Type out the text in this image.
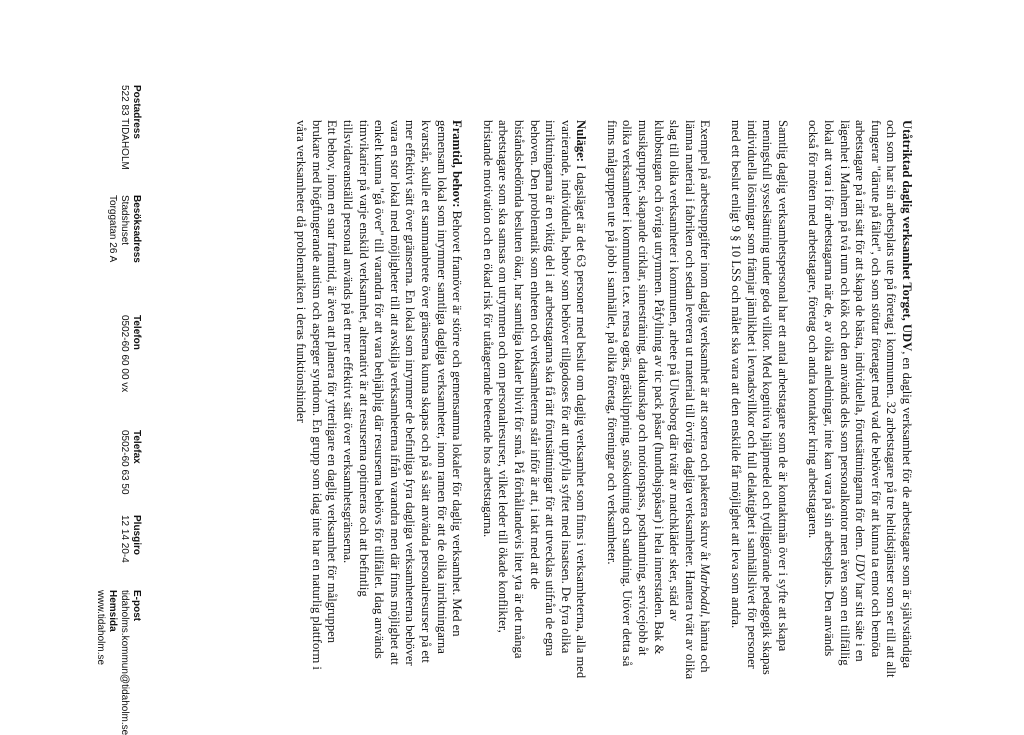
Utåtriktad daglig verksamhet Torget, UDV, en daglig verksamhet för de arbetstagare som är självständiga och som har sin arbetsplats ute på företag i kommunen. 32 arbetstagare på tre heltidstjänster som ser till att allt fungerar "därute på fältet", och som stöttar företaget med vad de behöver för att kunna ta emot och bemöta arbetstagare på rätt sätt för att skapa de bästa, individuella, förutsättningarna för dem. UDV har sitt säte i en lägenhet i Manhem på två rum och kök och den används dels som personalkontor men även som en tillfällig lokal att vara i för arbetstagarna när de, av olika anledningar, inte kan vara på sin arbetsplats. Den används också för möten med arbetstagare, företag och andra kontakter kring arbetstagaren.

Samtlig daglig verksamhetspersonal har ett antal arbetstagare som de är kontaktmän över i syfte att skapa meningsfull sysselsättning under goda villkor. Med kognitiva hjälpmedel och tydliggörande pedagogik skapas individuella lösningar som främjar jämlikhet i levnadsvillkor och full delaktighet i samhällslivet för personer med ett beslut enligt 9 § 10 LSS och målet ska vara att den enskilde får möjlighet att leva som andra.

Exempel på arbetsuppgifter inom daglig verksamhet är att sortera och paketera skruv åt Marbodal, hämta och lämna material i fabriken och sedan leverera ut material till övriga dagliga verksamheter. Hantera tvätt av olika slag till olika verksamheter i kommunen, arbete på Ulvesborg där tvätt av matchkläder sker, städ av klubbstugan och övriga utrymmen. Påfyllning av tic pack påsar (hundbajspåsar) i hela innerstaden. Bak & musikgrupper, skapande cirklar, sinnesträning, datakunskap och motionspass, posthantning, servicejobb åt olika verksamheter i kommunen t.ex. rensa ogräs, gräsklippning, snöskottning och sandning. Utöver detta så finns målgruppen ute på jobb i samhället, på olika företag, föreningar och verksamheter.

Nuläge: I dagsläget är det 63 personer med beslut om daglig verksamhet som finns i verksamheterna, alla med varierande, individuella, behov som behöver tillgodoses för att uppfylla syftet med insatsen. De fyra olika inriktningarna är en viktig del i att arbetstagarna ska få rätt förutsättningar för att utvecklas utifrån de egna behoven. Den problematik som enheten och verksamheterna står inför är att, i takt med att de biståndsbedömda besluten ökar, har samtliga lokaler blivit för små. På förhållandevis litet yta är det många arbetstagare som ska samsas om utrymmen och om personalresurser, vilket leder till ökade konflikter, bristande motivation och en ökad risk för utåtagerande beteende hos arbetstagarna.

Framtid, behov: Behovet framöver är större och gemensamma lokaler för daglig verksamhet. Med en gemensam lokal som inrymmer samtliga dagliga verksamheter, inom ramen för att de olika inriktningarna kvarstår, skulle ett sammanbrete över gränserna kunna skapas och på så sätt använda personalresurser på ett mer effektivt sätt över gränserna. En lokal som inrymmer de befintliga fyra dagliga verksamheterna behöver vara en stor lokal med möjligheter till att avskilja verksamheterna ifrån varandra men där finns möjlighet att enkelt kunna "gå över" till varandra för att vara behjälplig där resurserna behövs för tillfället. Idag används timvikarier på varje enskild verksamhet, alternativt är att resurserna optimeras och att befintlig tillsvidareanställd personal används på ett mer effektivt sätt över verksamhetsgränserna.

Ett behov, inom en snar framtid, är även att planera för ytterligare en daglig verksamhet för målgruppen brukare med högfungerande autism och asperger syndrom. En grupp som idag inte har en naturlig plattform i våra verksamheter då problematiken i deras funktionshinder

Postadress
522 83 TIDAHOLM
Besöksadress
Stadshuset
Torggatan 26 A
Telefon
0502-60 60 00 vx
Telefax
0502-60 63 50
Plusgiro
12 14 20-4
E-post
tidaholms.kommun@tidaholm.se
Hemsida
www.tidaholm.se
